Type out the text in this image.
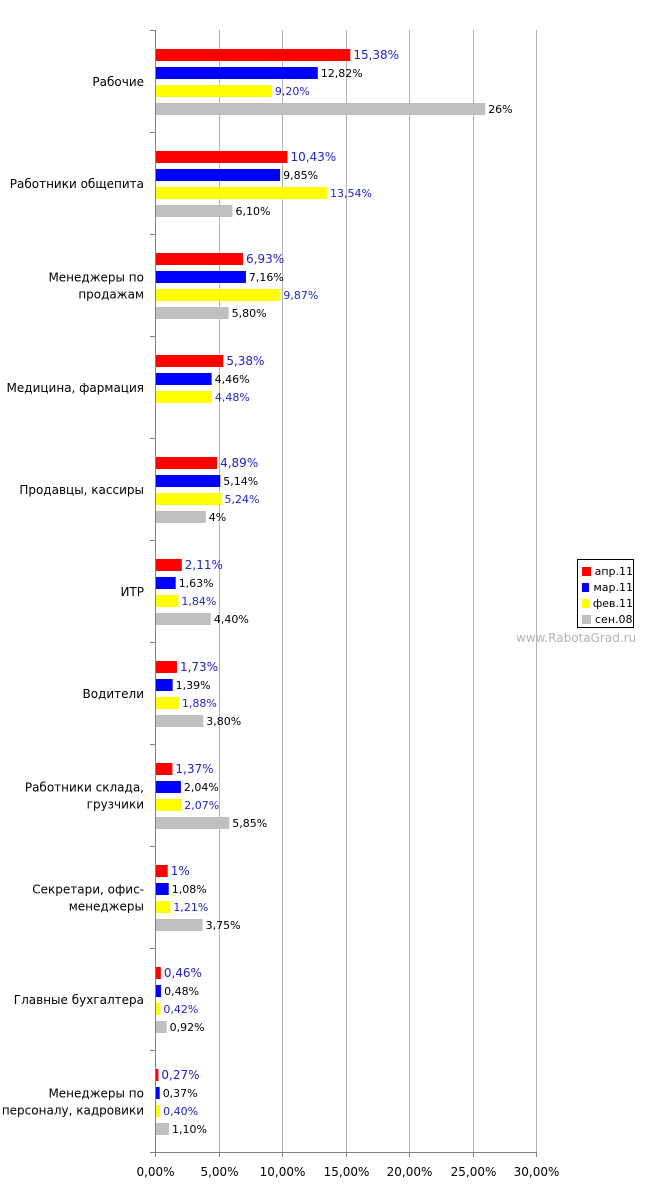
0,00% 5,00% 10,00% 15,00% 20,00% 25,00% 30,00%
15,38%
10,43%
6,93%
5,38%
4,89%
2,11%
1,73%
1,37%
1%
0,46%
0,27%
12,82%
9,85%
7,16%
4,46%
5,14%
1,63%
1,39%
2,04%
1,08%
0,48%
0,37%
9,20%
13,54%
9,87%
4,48%
5,24%
1,84%
1,88%
2,07%
1,21%
0,42%
0,40%
26%
6,10%
5,80%
4%
4,40%
3,80%
5,85%
3,75%
0,92%
1,10%
Рабочие
Работники общепита
Менеджеры по продажам
Медицина, фармация
Продавцы, кассиры
ИТР
Водители
Работники склада, грузчики
Секретари, офис-менеджеры
Главные бухгалтера
Менеджеры по персоналу, кадровики
апр.11
мар.11
фев.11
сен.08
www.RabotaGrad.ru
